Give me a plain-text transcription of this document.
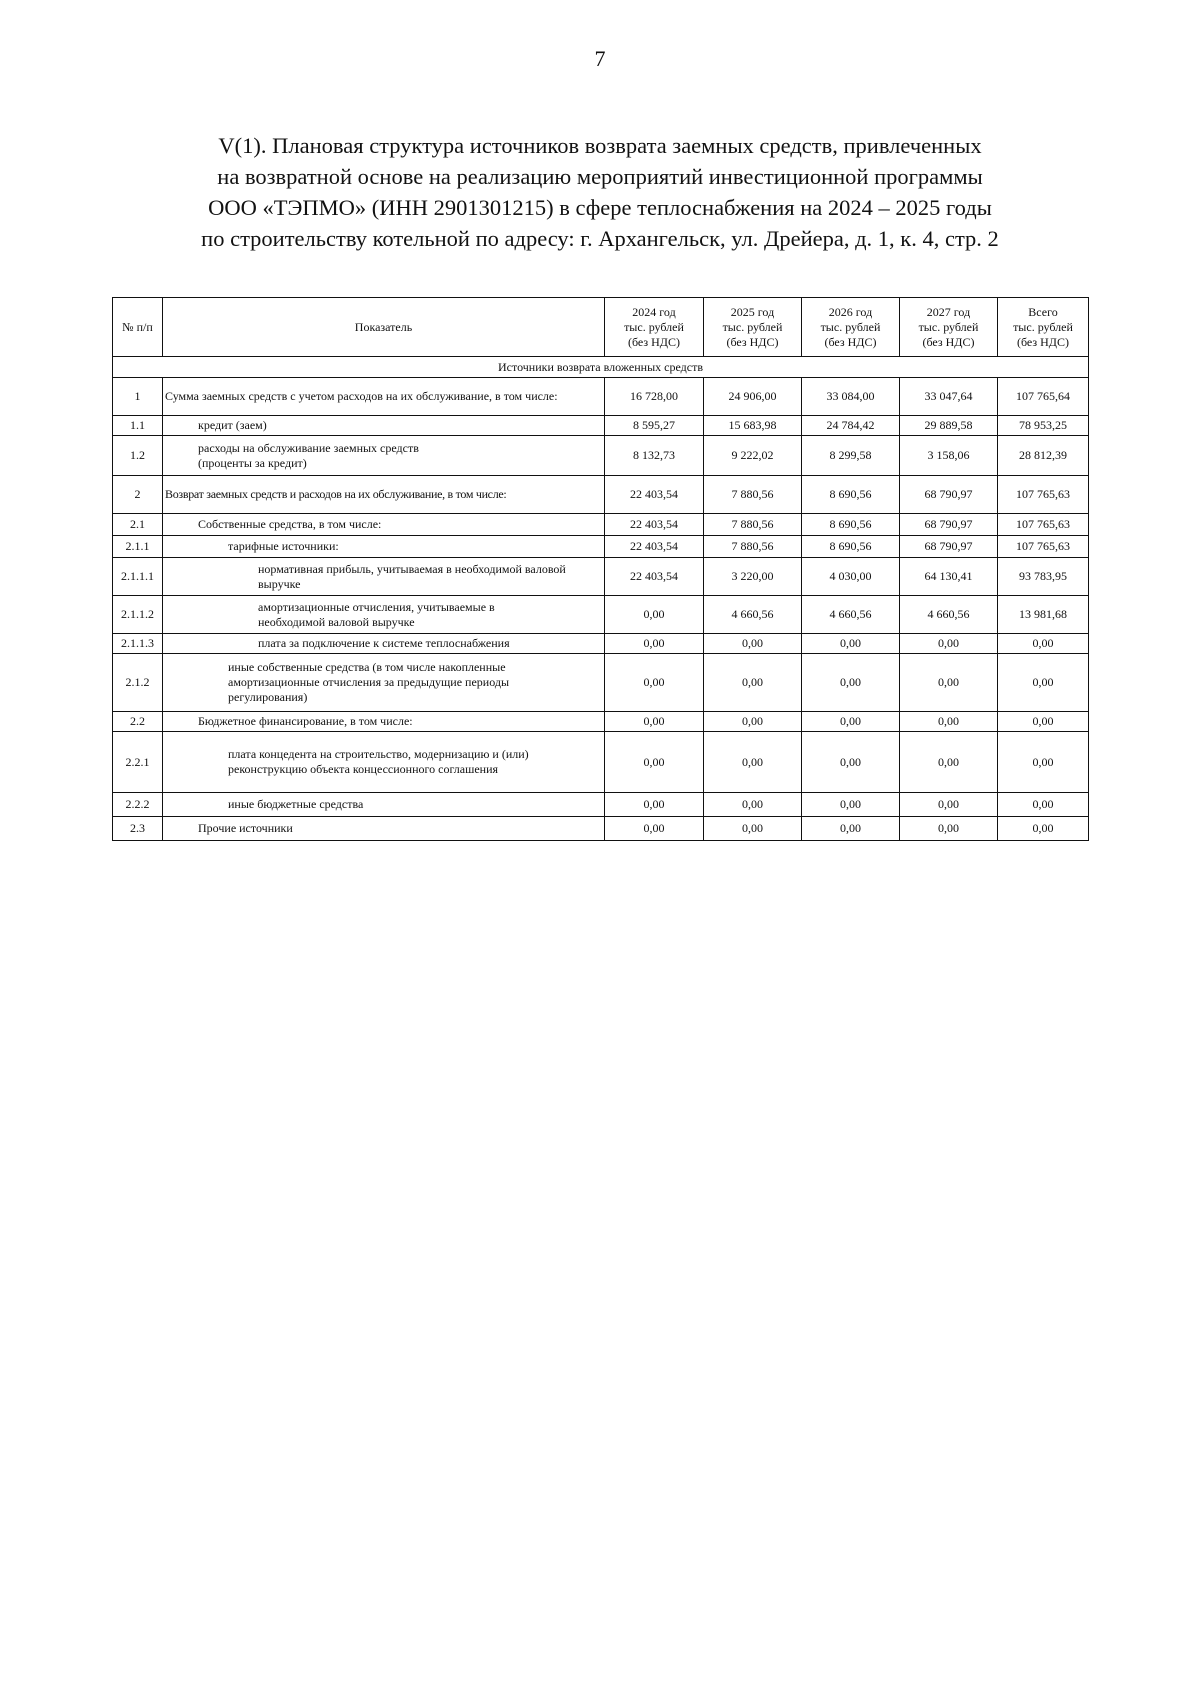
7
V(1). Плановая структура источников возврата заемных средств, привлеченных
на возвратной основе на реализацию мероприятий инвестиционной программы
ООО «ТЭПМО» (ИНН 2901301215) в сфере теплоснабжения на 2024 – 2025 годы
по строительству котельной по адресу: г. Архангельск, ул. Дрейера, д. 1, к. 4, стр. 2
№ п/п	Показатель	2024 год
тыс. рублей
(без НДС)	2025 год
тыс. рублей
(без НДС)	2026 год
тыс. рублей
(без НДС)	2027 год
тыс. рублей
(без НДС)	Всего
тыс. рублей
(без НДС)

Источники возврата вложенных средств						
1	Сумма заемных средств с учетом расходов на их обслуживание, в том числе:	16 728,00	24 906,00	33 084,00	33 047,64	107 765,64
1.1	кредит (заем)	8 595,27	15 683,98	24 784,42	29 889,58	78 953,25
1.2	расходы на обслуживание заемных средств (проценты за кредит)	8 132,73	9 222,02	8 299,58	3 158,06	28 812,39
2	Возврат заемных средств и расходов на их обслуживание, в том числе:	22 403,54	7 880,56	8 690,56	68 790,97	107 765,63
2.1	Собственные средства, в том числе:	22 403,54	7 880,56	8 690,56	68 790,97	107 765,63
2.1.1	тарифные источники:	22 403,54	7 880,56	8 690,56	68 790,97	107 765,63
2.1.1.1	нормативная прибыль, учитываемая в необходимой валовой выручке	22 403,54	3 220,00	4 030,00	64 130,41	93 783,95
2.1.1.2	амортизационные отчисления, учитываемые в необходимой валовой выручке	0,00	4 660,56	4 660,56	4 660,56	13 981,68
2.1.1.3	плата за подключение к системе теплоснабжения	0,00	0,00	0,00	0,00	0,00
2.1.2	иные собственные средства (в том числе накопленные амортизационные отчисления за предыдущие периоды регулирования)	0,00	0,00	0,00	0,00	0,00
2.2	Бюджетное финансирование, в том числе:	0,00	0,00	0,00	0,00	0,00
2.2.1	плата концедента на строительство, модернизацию и (или) реконструкцию объекта концессионного соглашения	0,00	0,00	0,00	0,00	0,00
2.2.2	иные бюджетные средства	0,00	0,00	0,00	0,00	0,00
2.3	Прочие источники	0,00	0,00	0,00	0,00	0,00
